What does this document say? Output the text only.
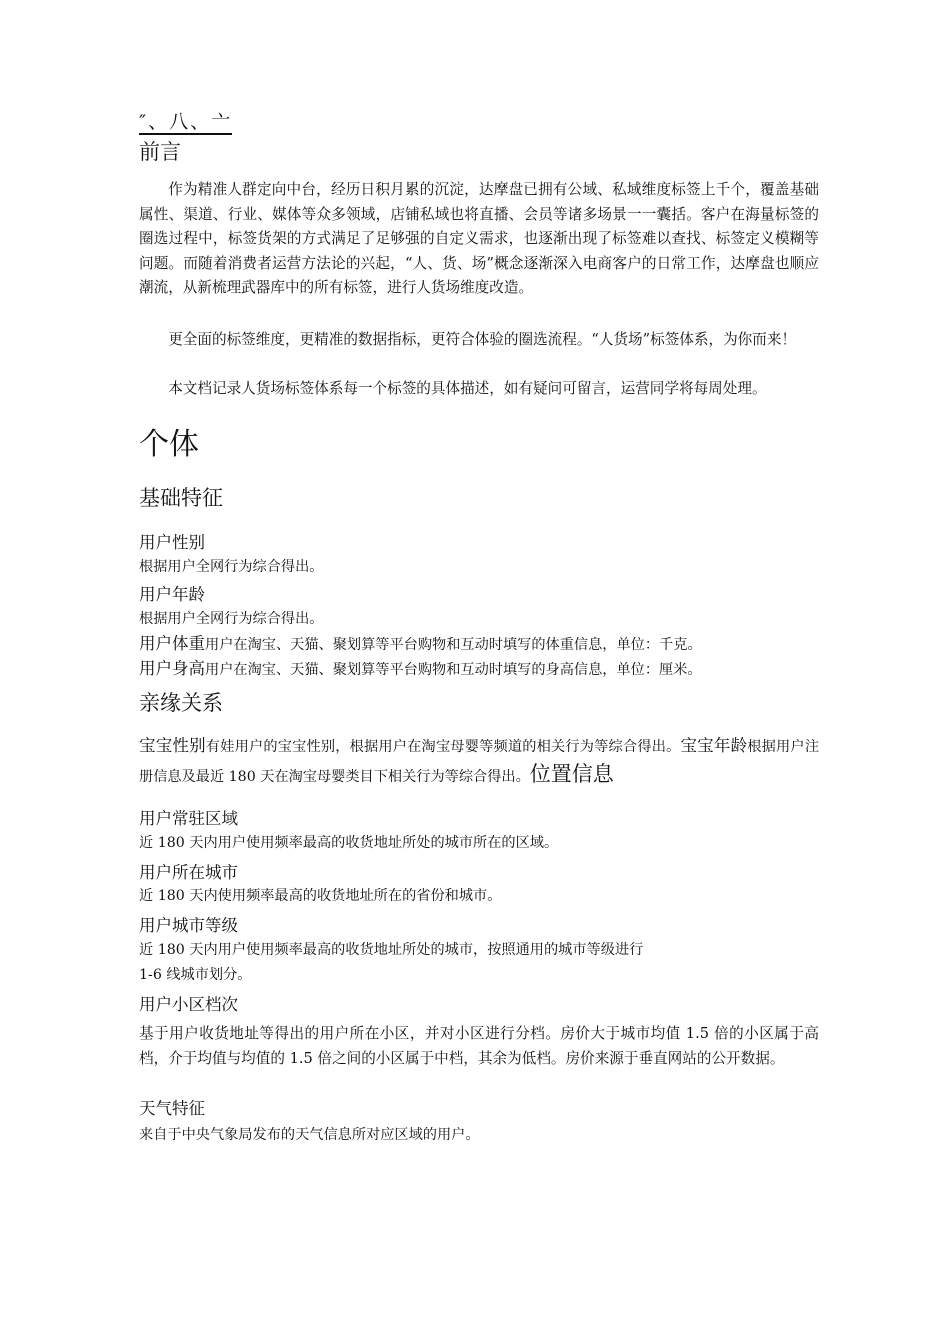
″、八、亠
前言
作为精准人群定向中台，经历日积月累的沉淀，达摩盘已拥有公域、私域维度标签上千个，覆盖基础属性、渠道、行业、媒体等众多领域，店铺私域也将直播、会员等诸多场景一一囊括。客户在海量标签的圈选过程中，标签货架的方式满足了足够强的自定义需求，也逐渐出现了标签难以查找、标签定义模糊等问题。而随着消费者运营方法论的兴起，“人、货、场”概念逐渐深入电商客户的日常工作，达摩盘也顺应潮流，从新梳理武器库中的所有标签，进行人货场维度改造。
更全面的标签维度，更精准的数据指标，更符合体验的圈选流程。“人货场”标签体系，为你而来！
本文档记录人货场标签体系每一个标签的具体描述，如有疑问可留言，运营同学将每周处理。
个体
基础特征
用户性别
根据用户全网行为综合得出。
用户年龄
根据用户全网行为综合得出。
用户体重用户在淘宝、天猫、聚划算等平台购物和互动时填写的体重信息，单位：千克。
用户身高用户在淘宝、天猫、聚划算等平台购物和互动时填写的身高信息，单位：厘米。
亲缘关系
宝宝性别有娃用户的宝宝性别，根据用户在淘宝母婴等频道的相关行为等综合得出。宝宝年龄根据用户注册信息及最近 180 天在淘宝母婴类目下相关行为等综合得出。位置信息
用户常驻区域
近 180 天内用户使用频率最高的收货地址所处的城市所在的区域。
用户所在城市
近 180 天内使用频率最高的收货地址所在的省份和城市。
用户城市等级
近 180 天内用户使用频率最高的收货地址所处的城市，按照通用的城市等级进行
1-6 线城市划分。
用户小区档次
基于用户收货地址等得出的用户所在小区，并对小区进行分档。房价大于城市均值 1.5 倍的小区属于高档，介于均值与均值的 1.5 倍之间的小区属于中档，其余为低档。房价来源于垂直网站的公开数据。
天气特征
来自于中央气象局发布的天气信息所对应区域的用户。
